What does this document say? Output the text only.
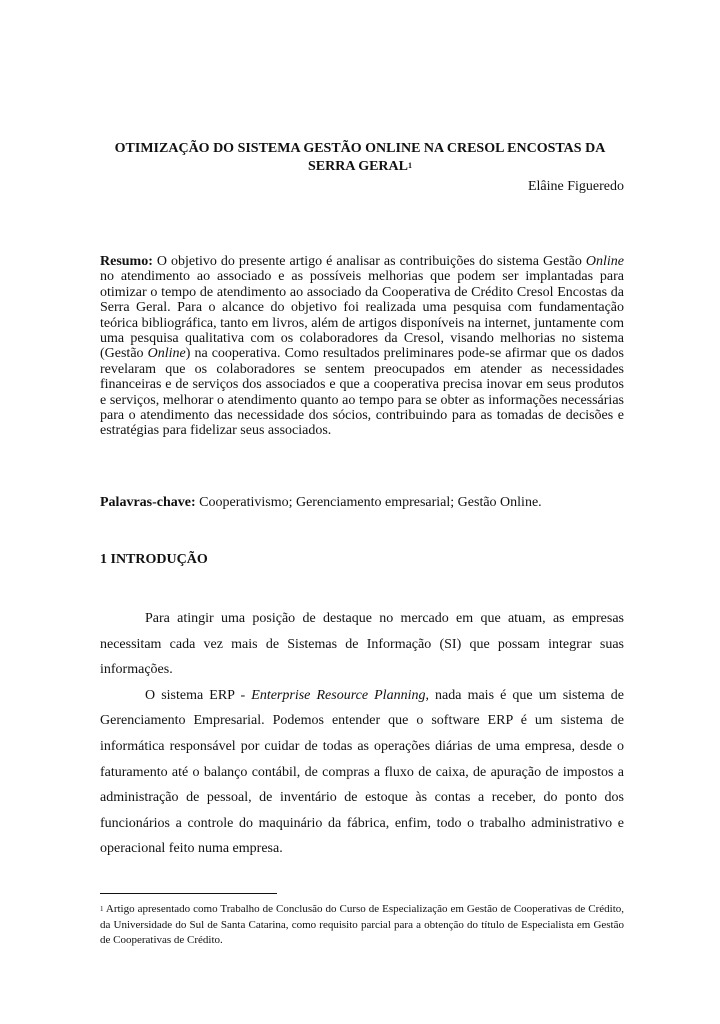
OTIMIZAÇÃO DO SISTEMA GESTÃO ONLINE NA CRESOL ENCOSTAS DA SERRA GERAL$^1$
Elâine Figueredo

Resumo: O objetivo do presente artigo é analisar as contribuições do sistema Gestão Online no atendimento ao associado e as possíveis melhorias que podem ser implantadas para otimizar o tempo de atendimento ao associado da Cooperativa de Crédito Cresol Encostas da Serra Geral. Para o alcance do objetivo foi realizada uma pesquisa com fundamentação teórica bibliográfica, tanto em livros, além de artigos disponíveis na internet, juntamente com uma pesquisa qualitativa com os colaboradores da Cresol, visando melhorias no sistema (Gestão Online) na cooperativa. Como resultados preliminares pode-se afirmar que os dados revelaram que os colaboradores se sentem preocupados em atender as necessidades financeiras e de serviços dos associados e que a cooperativa precisa inovar em seus produtos e serviços, melhorar o atendimento quanto ao tempo para se obter as informações necessárias para o atendimento das necessidade dos sócios, contribuindo para as tomadas de decisões e estratégias para fidelizar seus associados.

Palavras-chave: Cooperativismo; Gerenciamento empresarial; Gestão Online.

1 INTRODUÇÃO

Para atingir uma posição de destaque no mercado em que atuam, as empresas necessitam cada vez mais de Sistemas de Informação (SI) que possam integrar suas informações.

O sistema ERP - Enterprise Resource Planning, nada mais é que um sistema de Gerenciamento Empresarial. Podemos entender que o software ERP é um sistema de informática responsável por cuidar de todas as operações diárias de uma empresa, desde o faturamento até o balanço contábil, de compras a fluxo de caixa, de apuração de impostos a administração de pessoal, de inventário de estoque às contas a receber, do ponto dos funcionários a controle do maquinário da fábrica, enfim, todo o trabalho administrativo e operacional feito numa empresa.

$^1$ Artigo apresentado como Trabalho de Conclusão do Curso de Especialização em Gestão de Cooperativas de Crédito, da Universidade do Sul de Santa Catarina, como requisito parcial para a obtenção do título de Especialista em Gestão de Cooperativas de Crédito.
